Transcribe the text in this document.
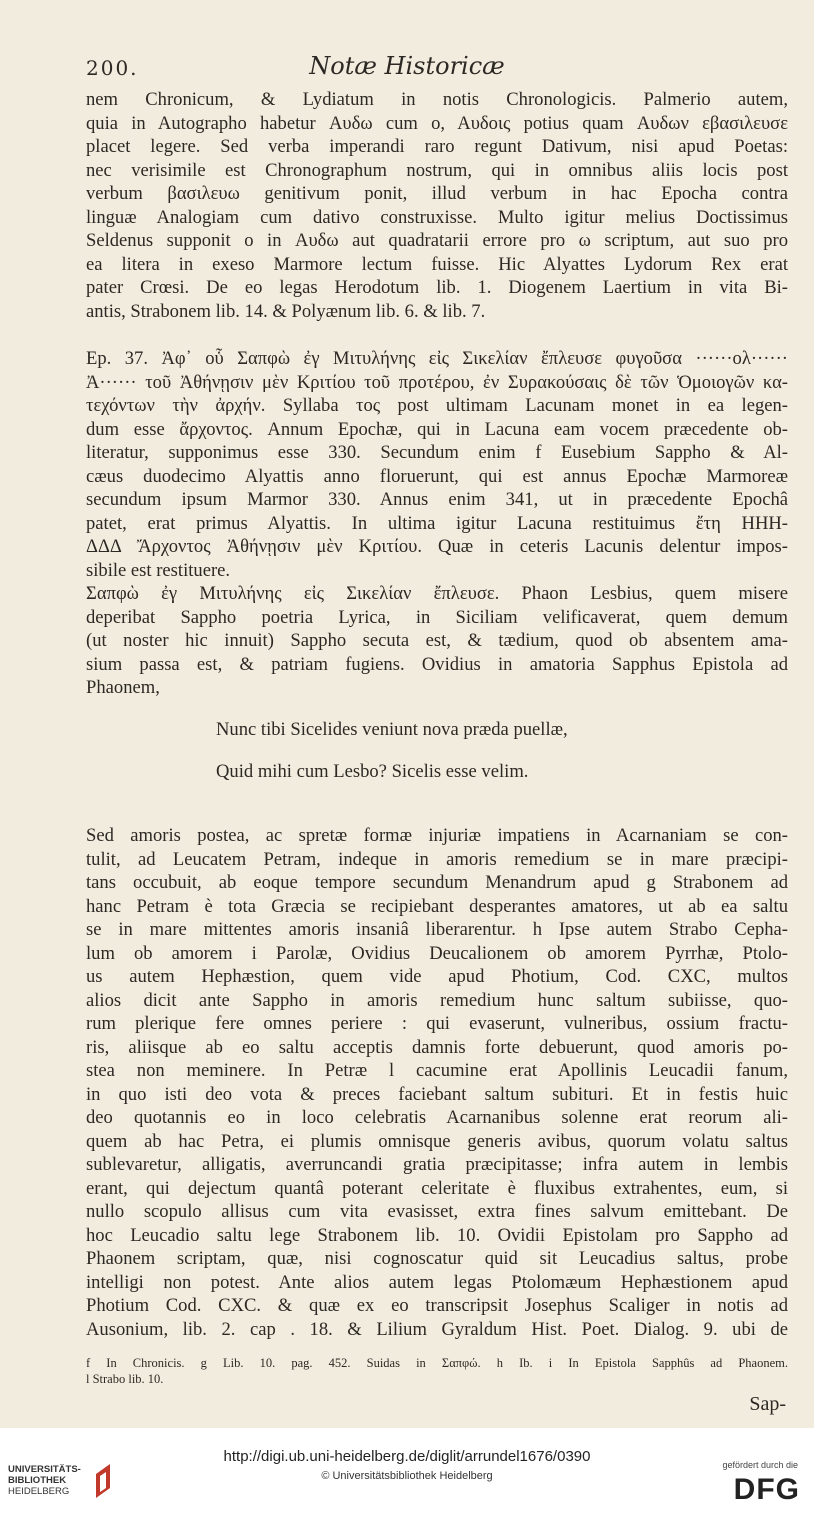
200.	Notæ Historicæ

nem Chronicum, & Lydiatum in notis Chronologicis. Palmerio autem,

quia in Autographo habetur Αυδω cum ο, Αυδοις potius quam Αυδων εβασιλευσε

placet legere. Sed verba imperandi raro regunt Dativum, nisi apud Poetas:

nec verisimile est Chronographum nostrum, qui in omnibus aliis locis post

verbum βασιλευω genitivum ponit, illud verbum in hac Epocha contra

linguæ Analogiam cum dativo construxisse. Multo igitur melius Doctissimus

Seldenus supponit ο in Αυδω aut quadratarii errore pro ω scriptum, aut suo pro

ea litera in exeso Marmore lectum fuisse. Hic Alyattes Lydorum Rex erat

pater Crœsi. De eo legas Herodotum lib. 1. Diogenem Laertium in vita Bi-

antis, Strabonem lib. 14. & Polyænum lib. 6. & lib. 7.

Ep. 37. Ἀφ᾽ οὗ Σαπφὼ ἐγ Μιτυλήνης εἰς Σικελίαν ἔπλευσε φυγοῦσα ······ολ······

Ἀ······ τοῦ Ἀθήνῃσιν μὲν Κριτίου τοῦ προτέρου, ἐν Συρακούσαις δὲ τῶν Ὁμοιογῶν κα-

τεχόντων τὴν ἀρχήν. Syllaba τος post ultimam Lacunam monet in ea legen-

dum esse ἄρχοντος. Annum Epochæ, qui in Lacuna eam vocem præcedente ob-

literatur, supponimus esse 330. Secundum enim f Eusebium Sappho & Al-

cæus duodecimo Alyattis anno floruerunt, qui est annus Epochæ Marmoreæ

secundum ipsum Marmor 330. Annus enim 341, ut in præcedente Epochâ

patet, erat primus Alyattis. In ultima igitur Lacuna restituimus ἔτη HHH-

ΔΔΔ Ἄρχοντος Ἀθήνῃσιν μὲν Κριτίου. Quæ in ceteris Lacunis delentur impos-

sibile est restituere.

Σαπφὼ ἐγ Μιτυλήνης εἰς Σικελίαν ἔπλευσε. Phaon Lesbius, quem misere

deperibat Sappho poetria Lyrica, in Siciliam velificaverat, quem demum

(ut noster hic innuit) Sappho secuta est, & tædium, quod ob absentem ama-

sium passa est, & patriam fugiens. Ovidius in amatoria Sapphus Epistola ad

Phaonem,

Nunc tibi Sicelides veniunt nova præda puellæ,

Quid mihi cum Lesbo? Sicelis esse velim.

Sed amoris postea, ac spretæ formæ injuriæ impatiens in Acarnaniam se con-

tulit, ad Leucatem Petram, indeque in amoris remedium se in mare præcipi-

tans occubuit, ab eoque tempore secundum Menandrum apud g Strabonem ad

hanc Petram è tota Græcia se recipiebant desperantes amatores, ut ab ea saltu

se in mare mittentes amoris insaniâ liberarentur. h Ipse autem Strabo Cepha-

lum ob amorem i Parolæ, Ovidius Deucalionem ob amorem Pyrrhæ, Ptolo-

us autem Hephæstion, quem vide apud Photium, Cod. CXC, multos

alios dicit ante Sappho in amoris remedium hunc saltum subiisse, quo-

rum plerique fere omnes periere : qui evaserunt, vulneribus, ossium fractu-

ris, aliisque ab eo saltu acceptis damnis forte debuerunt, quod amoris po-

stea non meminere. In Petræ l cacumine erat Apollinis Leucadii fanum,

in quo isti deo vota & preces faciebant saltum subituri. Et in festis huic

deo quotannis eo in loco celebratis Acarnanibus solenne erat reorum ali-

quem ab hac Petra, ei plumis omnisque generis avibus, quorum volatu saltus

sublevaretur, alligatis, averruncandi gratia præcipitasse; infra autem in lembis

erant, qui dejectum quantâ poterant celeritate è fluxibus extrahentes, eum, si

nullo scopulo allisus cum vita evasisset, extra fines salvum emittebant. De

hoc Leucadio saltu lege Strabonem lib. 10. Ovidii Epistolam pro Sappho ad

Phaonem scriptam, quæ, nisi cognoscatur quid sit Leucadius saltus, probe

intelligi non potest. Ante alios autem legas Ptolomæum Hephæstionem apud

Photium Cod. CXC. & quæ ex eo transcripsit Josephus Scaliger in notis ad

Ausonium, lib. 2. cap . 18. & Lilium Gyraldum Hist. Poet. Dialog. 9. ubi de

f In Chronicis. g Lib. 10. pag. 452. Suidas in Σαπφώ. h Ib. i In Epistola Sapphûs ad Phaonem.
l Strabo lib. 10.
Sap-
UNIVERSITÄTS-
BIBLIOTHEK
HEIDELBERG
http://digi.ub.uni-heidelberg.de/diglit/arrundel1676/0390
© Universitätsbibliothek Heidelberg
gefördert durch die
DFG
